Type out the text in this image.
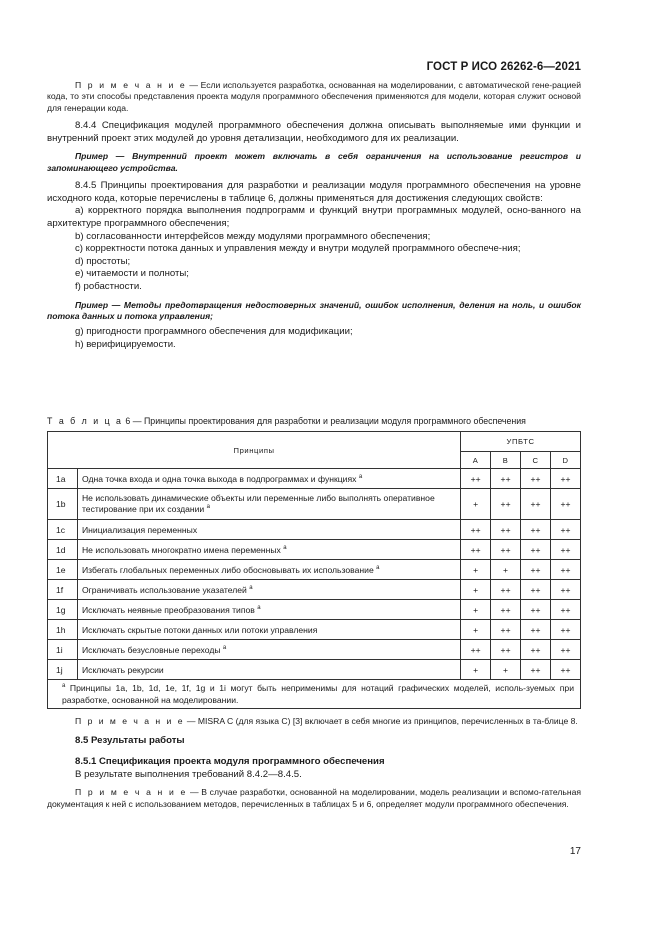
ГОСТ Р ИСО 26262-6—2021

П р и м е ч а н и е — Если используется разработка, основанная на моделировании, с автоматической гене-рацией кода, то эти способы представления проекта модуля программного обеспечения применяются для модели, которая служит основой для генерации кода.

8.4.4 Спецификация модулей программного обеспечения должна описывать выполняемые ими функции и внутренний проект этих модулей до уровня детализации, необходимого для их реализации.

Пример — Внутренний проект может включать в себя ограничения на использование регистров и запоминающего устройства.

8.4.5 Принципы проектирования для разработки и реализации модуля программного обеспечения на уровне исходного кода, которые перечислены в таблице 6, должны применяться для достижения следующих свойств:

a) корректного порядка выполнения подпрограмм и функций внутри программных модулей, осно-ванного на архитектуре программного обеспечения;

b) согласованности интерфейсов между модулями программного обеспечения;

c) корректности потока данных и управления между и внутри модулей программного обеспече-ния;

d) простоты;

e) читаемости и полноты;

f) робастности.

Пример — Методы предотвращения недостоверных значений, ошибок исполнения, деления на ноль, и ошибок потока данных и потока управления;

g) пригодности программного обеспечения для модификации;

h) верифицируемости.

Т а б л и ц а 6 — Принципы проектирования для разработки и реализации модуля программного обеспечения
Принципы		УПБТС			
		A	B	C	D
1a	Одна точка входа и одна точка выхода в подпрограммах и функциях $^a$	++	++	++	++
1b	Не использовать динамические объекты или переменные либо выполнять оперативное тестирование при их создании $^a$	+	++	++	++
1c	Инициализация переменных	++	++	++	++
1d	Не использовать многократно имена переменных $^a$	++	++	++	++
1e	Избегать глобальных переменных либо обосновывать их использование $^a$	+	+	++	++
1f	Ограничивать использование указателей $^a$	+	++	++	++
1g	Исключать неявные преобразования типов $^a$	+	++	++	++
1h	Исключать скрытые потоки данных или потоки управления	+	++	++	++
1i	Исключать безусловные переходы $^a$	++	++	++	++
1j	Исключать рекурсии	+	+	++	++
$^a$ Принципы 1a, 1b, 1d, 1e, 1f, 1g и 1i могут быть неприменимы для нотаций графических моделей, исполь-зуемых при разработке, основанной на моделировании.					

П р и м е ч а н и е — MISRA C (для языка C) [3] включает в себя многие из принципов, перечисленных в та-блице 8.

8.5 Результаты работы

8.5.1 Спецификация проекта модуля программного обеспечения

В результате выполнения требований 8.4.2—8.4.5.

П р и м е ч а н и е — В случае разработки, основанной на моделировании, модель реализации и вспомо-гательная документация к ней с использованием методов, перечисленных в таблицах 5 и 6, определяет модули программного обеспечения.

17
